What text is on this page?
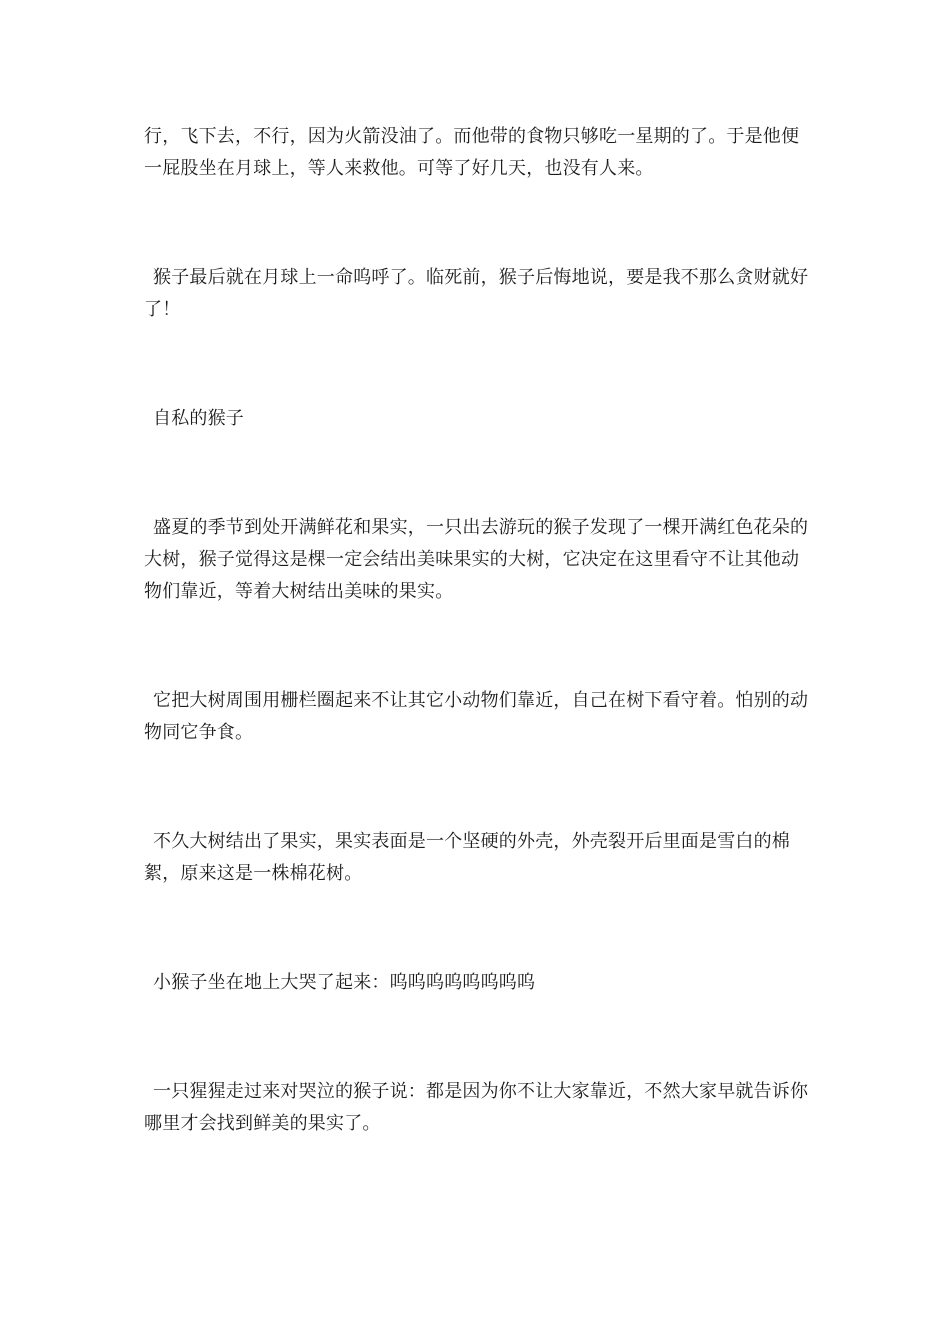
行，飞下去，不行，因为火箭没油了。而他带的食物只够吃一星期的了。于是他便一屁股坐在月球上，等人来救他。可等了好几天，也没有人来。

猴子最后就在月球上一命呜呼了。临死前，猴子后悔地说，要是我不那么贪财就好了！

自私的猴子

盛夏的季节到处开满鲜花和果实，一只出去游玩的猴子发现了一棵开满红色花朵的大树，猴子觉得这是棵一定会结出美味果实的大树，它决定在这里看守不让其他动物们靠近，等着大树结出美味的果实。

它把大树周围用栅栏圈起来不让其它小动物们靠近，自己在树下看守着。怕别的动物同它争食。

不久大树结出了果实，果实表面是一个坚硬的外壳，外壳裂开后里面是雪白的棉絮，原来这是一株棉花树。

小猴子坐在地上大哭了起来：呜呜呜呜呜呜呜呜

一只猩猩走过来对哭泣的猴子说：都是因为你不让大家靠近，不然大家早就告诉你哪里才会找到鲜美的果实了。
